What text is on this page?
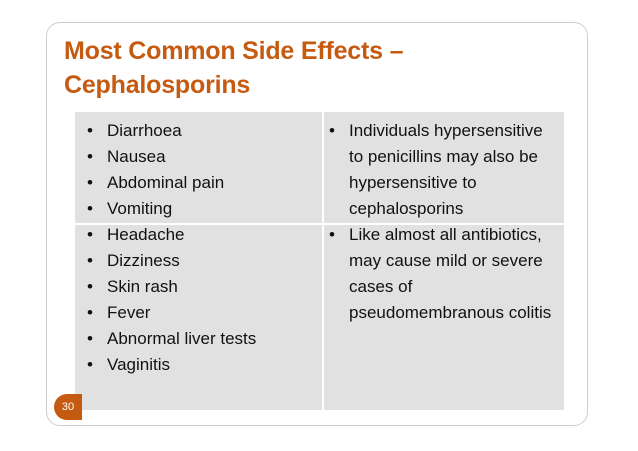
Most Common Side Effects –
Cephalosporins
• Diarrhoea
• Nausea
• Abdominal pain
• Vomiting
• Headache
• Dizziness
• Skin rash
• Fever
• Abnormal liver tests
• Vaginitis
• Individuals hypersensitive to penicillins may also be hypersensitive to cephalosporins
• Like almost all antibiotics, may cause mild or severe cases of pseudomembranous colitis
30
